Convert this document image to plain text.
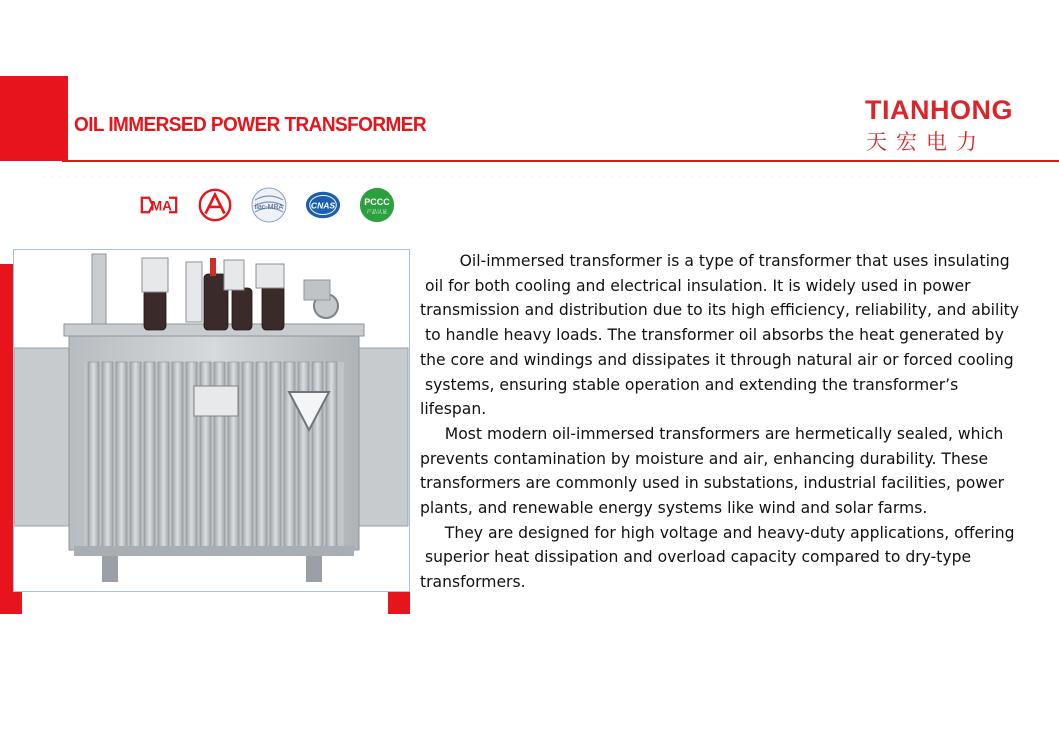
OIL IMMERSED POWER TRANSFORMER	TIANHONG
天宏电力
MA	ilac-MRA	CNAS	PCCC
产品认证

Oil-immersed transformer is a type of transformer that uses insulating
oil for both cooling and electrical insulation. It is widely used in power
transmission and distribution due to its high efficiency, reliability, and ability
to handle heavy loads. The transformer oil absorbs the heat generated by
the core and windings and dissipates it through natural air or forced cooling
systems, ensuring stable operation and extending the transformer’s
lifespan.

Most modern oil-immersed transformers are hermetically sealed, which
prevents contamination by moisture and air, enhancing durability. These
transformers are commonly used in substations, industrial facilities, power
plants, and renewable energy systems like wind and solar farms.

They are designed for high voltage and heavy-duty applications, offering
superior heat dissipation and overload capacity compared to dry-type
transformers.
